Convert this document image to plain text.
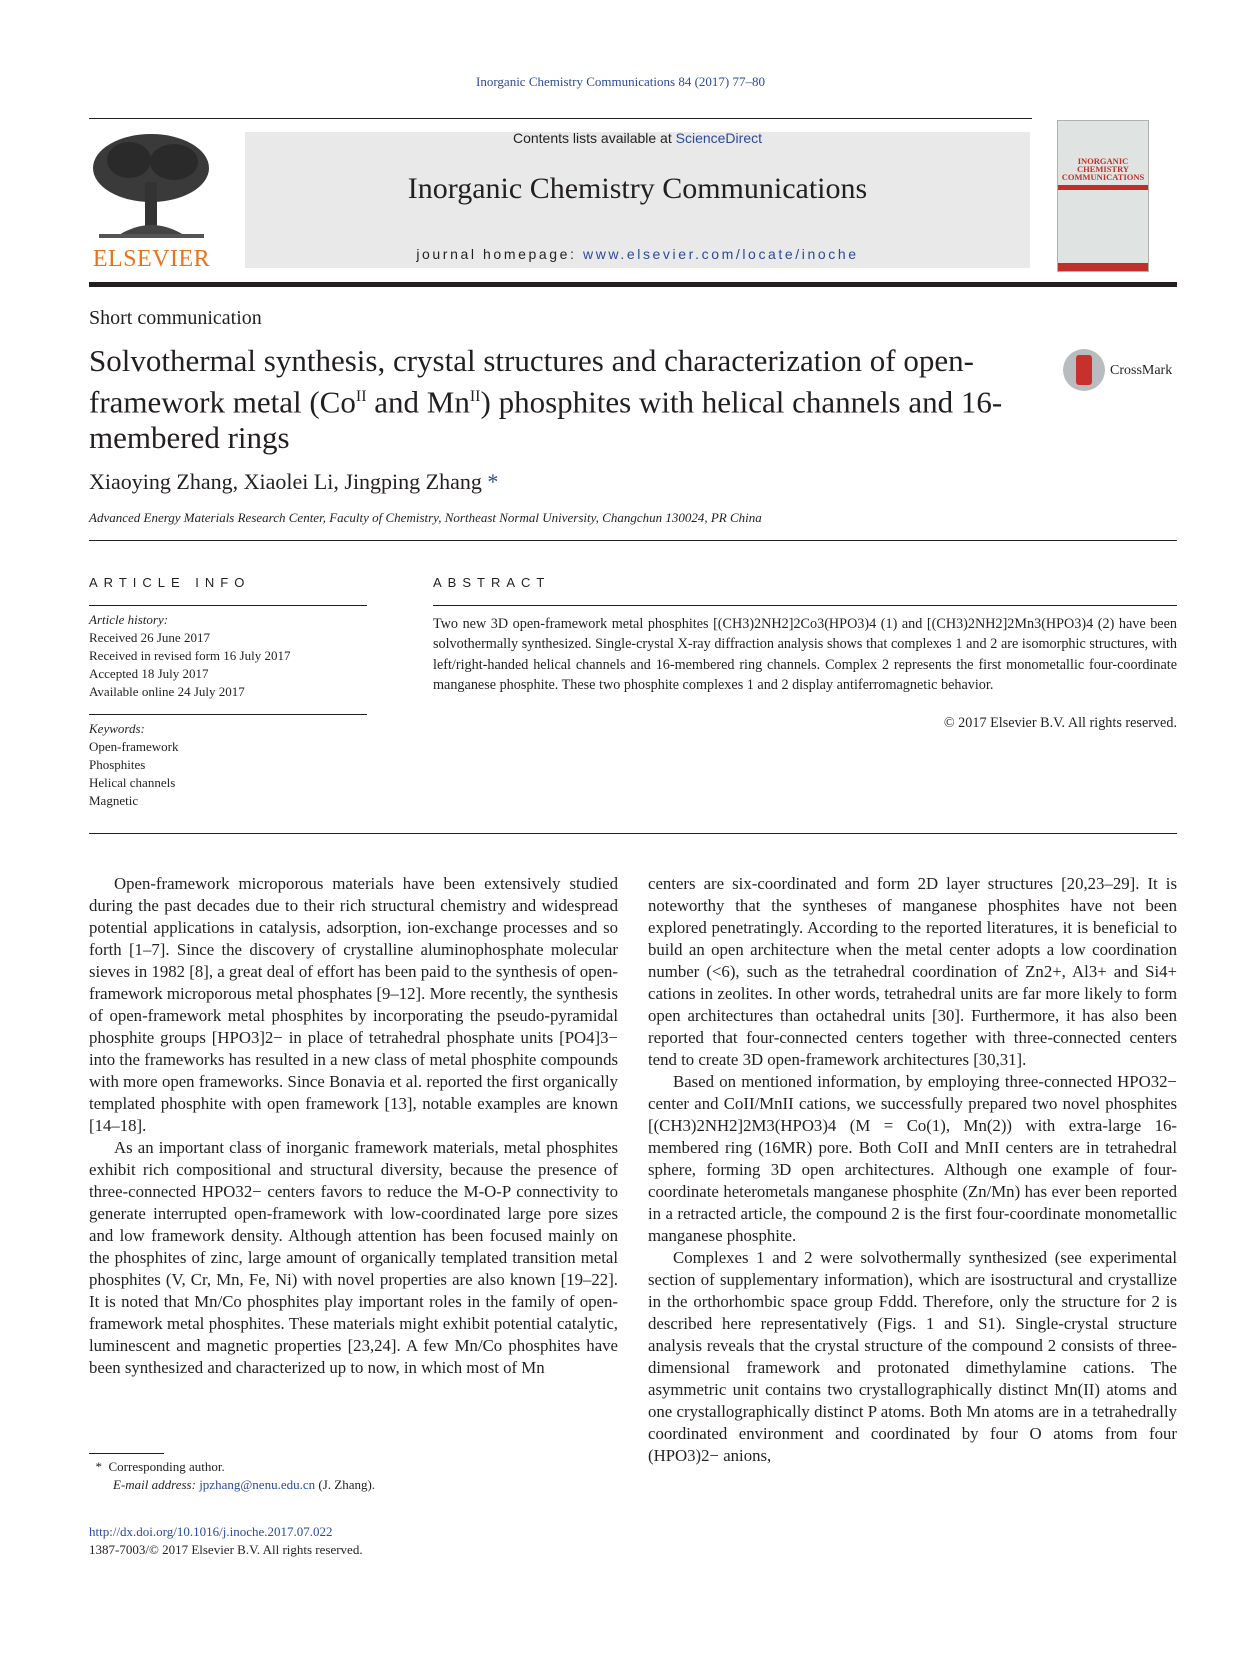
Inorganic Chemistry Communications 84 (2017) 77–80
ELSEVIER
Contents lists available at ScienceDirect
Inorganic Chemistry Communications
journal homepage: www.elsevier.com/locate/inoche
INORGANIC CHEMISTRY COMMUNICATIONS
Short communication
Solvothermal synthesis, crystal structures and characterization of open-framework metal ($Co^{II}$ and $Mn^{II}$) phosphites with helical channels and 16-membered rings
CrossMark
Xiaoying Zhang, Xiaolei Li, Jingping Zhang *
Advanced Energy Materials Research Center, Faculty of Chemistry, Northeast Normal University, Changchun 130024, PR China
ARTICLE INFO
Article history:
Received 26 June 2017
Received in revised form 16 July 2017
Accepted 18 July 2017
Available online 24 July 2017
Keywords:
Open-framework
Phosphites
Helical channels
Magnetic
ABSTRACT
Two new 3D open-framework metal phosphites [(CH3)2NH2]2Co3(HPO3)4 (1) and [(CH3)2NH2]2Mn3(HPO3)4 (2) have been solvothermally synthesized. Single-crystal X-ray diffraction analysis shows that complexes 1 and 2 are isomorphic structures, with left/right-handed helical channels and 16-membered ring channels. Complex 2 represents the first monometallic four-coordinate manganese phosphite. These two phosphite complexes 1 and 2 display antiferromagnetic behavior.
© 2017 Elsevier B.V. All rights reserved.

Open-framework microporous materials have been extensively studied during the past decades due to their rich structural chemistry and widespread potential applications in catalysis, adsorption, ion-exchange processes and so forth [1–7]. Since the discovery of crystalline aluminophosphate molecular sieves in 1982 [8], a great deal of effort has been paid to the synthesis of open-framework microporous metal phosphates [9–12]. More recently, the synthesis of open-framework metal phosphites by incorporating the pseudo-pyramidal phosphite groups [HPO3]2− in place of tetrahedral phosphate units [PO4]3− into the frameworks has resulted in a new class of metal phosphite compounds with more open frameworks. Since Bonavia et al. reported the first organically templated phosphite with open framework [13], notable examples are known [14–18].

As an important class of inorganic framework materials, metal phosphites exhibit rich compositional and structural diversity, because the presence of three-connected HPO32− centers favors to reduce the M-O-P connectivity to generate interrupted open-framework with low-coordinated large pore sizes and low framework density. Although attention has been focused mainly on the phosphites of zinc, large amount of organically templated transition metal phosphites (V, Cr, Mn, Fe, Ni) with novel properties are also known [19–22]. It is noted that Mn/Co phosphites play important roles in the family of open-framework metal phosphites. These materials might exhibit potential catalytic, luminescent and magnetic properties [23,24]. A few Mn/Co phosphites have been synthesized and characterized up to now, in which most of Mn

centers are six-coordinated and form 2D layer structures [20,23–29]. It is noteworthy that the syntheses of manganese phosphites have not been explored penetratingly. According to the reported literatures, it is beneficial to build an open architecture when the metal center adopts a low coordination number (<6), such as the tetrahedral coordination of Zn2+, Al3+ and Si4+ cations in zeolites. In other words, tetrahedral units are far more likely to form open architectures than octahedral units [30]. Furthermore, it has also been reported that four-connected centers together with three-connected centers tend to create 3D open-framework architectures [30,31].

Based on mentioned information, by employing three-connected HPO32− center and CoII/MnII cations, we successfully prepared two novel phosphites [(CH3)2NH2]2M3(HPO3)4 (M = Co(1), Mn(2)) with extra-large 16-membered ring (16MR) pore. Both CoII and MnII centers are in tetrahedral sphere, forming 3D open architectures. Although one example of four-coordinate heterometals manganese phosphite (Zn/Mn) has ever been reported in a retracted article, the compound 2 is the first four-coordinate monometallic manganese phosphite.

Complexes 1 and 2 were solvothermally synthesized (see experimental section of supplementary information), which are isostructural and crystallize in the orthorhombic space group Fddd. Therefore, only the structure for 2 is described here representatively (Figs. 1 and S1). Single-crystal structure analysis reveals that the crystal structure of the compound 2 consists of three-dimensional framework and protonated dimethylamine cations. The asymmetric unit contains two crystallographically distinct Mn(II) atoms and one crystallographically distinct P atoms. Both Mn atoms are in a tetrahedrally coordinated environment and coordinated by four O atoms from four (HPO3)2− anions,

* Corresponding author.
E-mail address: jpzhang@nenu.edu.cn (J. Zhang).
http://dx.doi.org/10.1016/j.inoche.2017.07.022
1387-7003/© 2017 Elsevier B.V. All rights reserved.
